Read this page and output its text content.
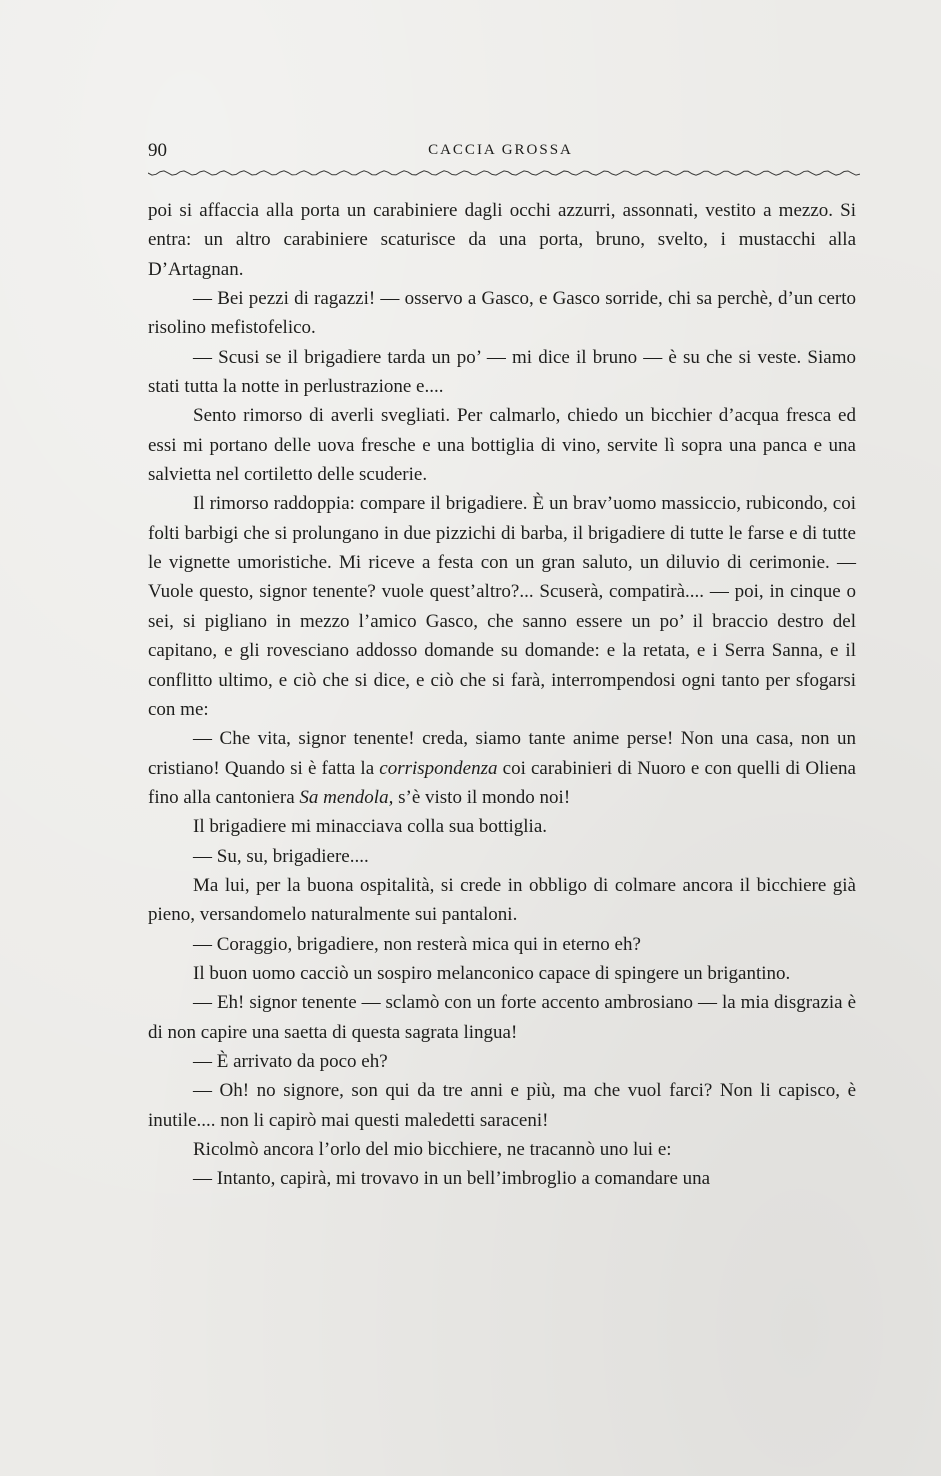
90	CACCIA GROSSA

poi si affaccia alla porta un carabiniere dagli occhi azzurri, assonnati, vestito a mezzo. Si entra: un altro carabiniere scaturisce da una porta, bruno, svelto, i mustacchi alla D’Artagnan.

— Bei pezzi di ragazzi! — osservo a Gasco, e Gasco sorride, chi sa perchè, d’un certo risolino mefistofelico.

— Scusi se il brigadiere tarda un po’ — mi dice il bruno — è su che si veste. Siamo stati tutta la notte in perlustrazione e....

Sento rimorso di averli svegliati. Per calmarlo, chiedo un bicchier d’acqua fresca ed essi mi portano delle uova fresche e una bottiglia di vino, servite lì sopra una panca e una salvietta nel cortiletto delle scuderie.

Il rimorso raddoppia: compare il brigadiere. È un brav’uomo massiccio, rubicondo, coi folti barbigi che si prolungano in due pizzichi di barba, il brigadiere di tutte le farse e di tutte le vignette umoristiche. Mi riceve a festa con un gran saluto, un diluvio di cerimonie. — Vuole questo, signor tenente? vuole quest’altro?... Scuserà, compatirà.... — poi, in cinque o sei, si pigliano in mezzo l’amico Gasco, che sanno essere un po’ il braccio destro del capitano, e gli rovesciano addosso domande su domande: e la retata, e i Serra Sanna, e il conflitto ultimo, e ciò che si dice, e ciò che si farà, interrompendosi ogni tanto per sfogarsi con me:

— Che vita, signor tenente! creda, siamo tante anime perse! Non una casa, non un cristiano! Quando si è fatta la corrispondenza coi carabinieri di Nuoro e con quelli di Oliena fino alla cantoniera Sa mendola, s’è visto il mondo noi!

Il brigadiere mi minacciava colla sua bottiglia.

— Su, su, brigadiere....

Ma lui, per la buona ospitalità, si crede in obbligo di colmare ancora il bicchiere già pieno, versandomelo naturalmente sui pantaloni.

— Coraggio, brigadiere, non resterà mica qui in eterno eh?

Il buon uomo cacciò un sospiro melanconico capace di spingere un brigantino.

— Eh! signor tenente — sclamò con un forte accento ambrosiano — la mia disgrazia è di non capire una saetta di questa sagrata lingua!

— È arrivato da poco eh?

— Oh! no signore, son qui da tre anni e più, ma che vuol farci? Non li capisco, è inutile.... non li capirò mai questi maledetti saraceni!

Ricolmò ancora l’orlo del mio bicchiere, ne tracannò uno lui e:

— Intanto, capirà, mi trovavo in un bell’imbroglio a comandare una
